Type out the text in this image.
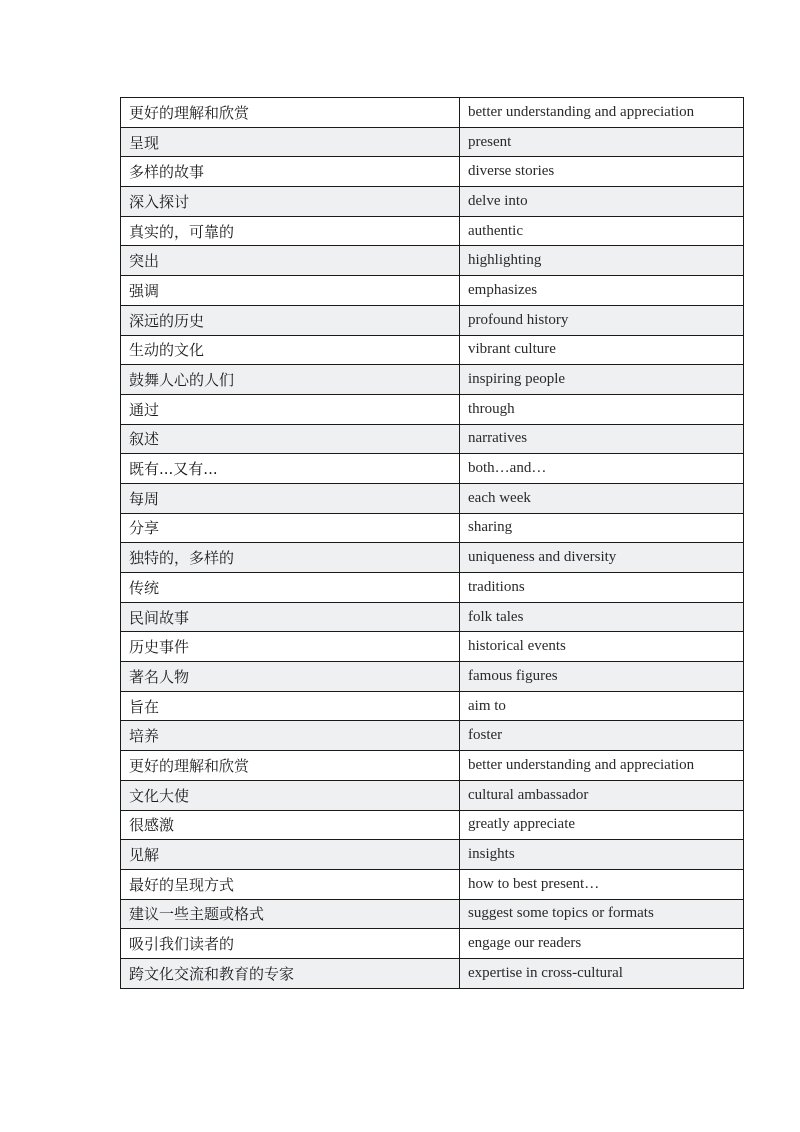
更好的理解和欣赏	better understanding and appreciation
呈现	present
多样的故事	diverse stories
深入探讨	delve into
真实的，可靠的	authentic
突出	highlighting
强调	emphasizes
深远的历史	profound history
生动的文化	vibrant culture
鼓舞人心的人们	inspiring people
通过	through
叙述	narratives
既有...又有...	both…and…
每周	each week
分享	sharing
独特的，多样的	uniqueness and diversity
传统	traditions
民间故事	folk tales
历史事件	historical events
著名人物	famous figures
旨在	aim to
培养	foster
更好的理解和欣赏	better understanding and appreciation
文化大使	cultural ambassador
很感激	greatly appreciate
见解	insights
最好的呈现方式	how to best present…
建议一些主题或格式	suggest some topics or formats
吸引我们读者的	engage our readers
跨文化交流和教育的专家	expertise in cross-cultural
